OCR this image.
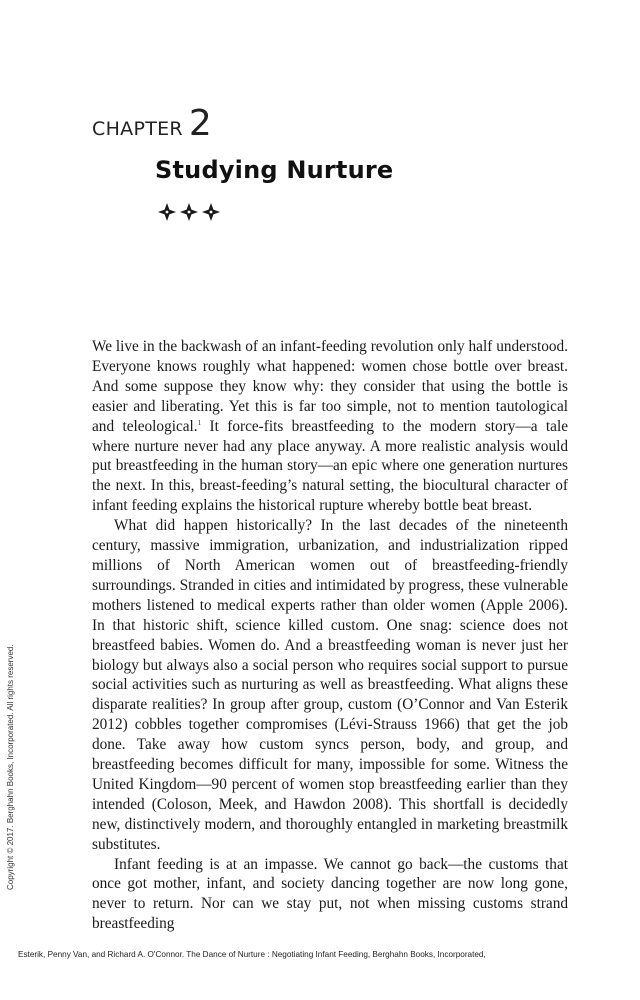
CHAPTER 2
Studying Nurture

We live in the backwash of an infant-feeding revolution only half understood. Everyone knows roughly what happened: women chose bottle over breast. And some suppose they know why: they consider that using the bottle is easier and liberating. Yet this is far too simple, not to mention tautological and teleological.$^1$ It force-fits breastfeeding to the modern story—a tale where nurture never had any place anyway. A more realistic analysis would put breastfeeding in the human story—an epic where one generation nurtures the next. In this, breast-feeding’s natural setting, the biocultural character of infant feeding explains the historical rupture whereby bottle beat breast.

What did happen historically? In the last decades of the nineteenth century, massive immigration, urbanization, and industrialization ripped millions of North American women out of breastfeeding-friendly surroundings. Stranded in cities and intimidated by progress, these vulnerable mothers listened to medical experts rather than older women (Apple 2006). In that historic shift, science killed custom. One snag: science does not breastfeed babies. Women do. And a breastfeeding woman is never just her biology but always also a social person who requires social support to pursue social activities such as nurturing as well as breastfeeding. What aligns these disparate realities? In group after group, custom (O’Connor and Van Esterik 2012) cobbles together compromises (Lévi-Strauss 1966) that get the job done. Take away how custom syncs person, body, and group, and breastfeeding becomes difficult for many, impossible for some. Witness the United Kingdom—90 percent of women stop breastfeeding earlier than they intended (Coloson, Meek, and Hawdon 2008). This shortfall is decidedly new, distinctively modern, and thoroughly entangled in marketing breastmilk substitutes.

Infant feeding is at an impasse. We cannot go back—the customs that once got mother, infant, and society dancing together are now long gone, never to return. Nor can we stay put, not when missing customs strand breastfeeding

Copyright © 2017. Berghahn Books, Incorporated. All rights reserved.
Esterik, Penny Van, and Richard A. O'Connor. The Dance of Nurture : Negotiating Infant Feeding, Berghahn Books, Incorporated,
